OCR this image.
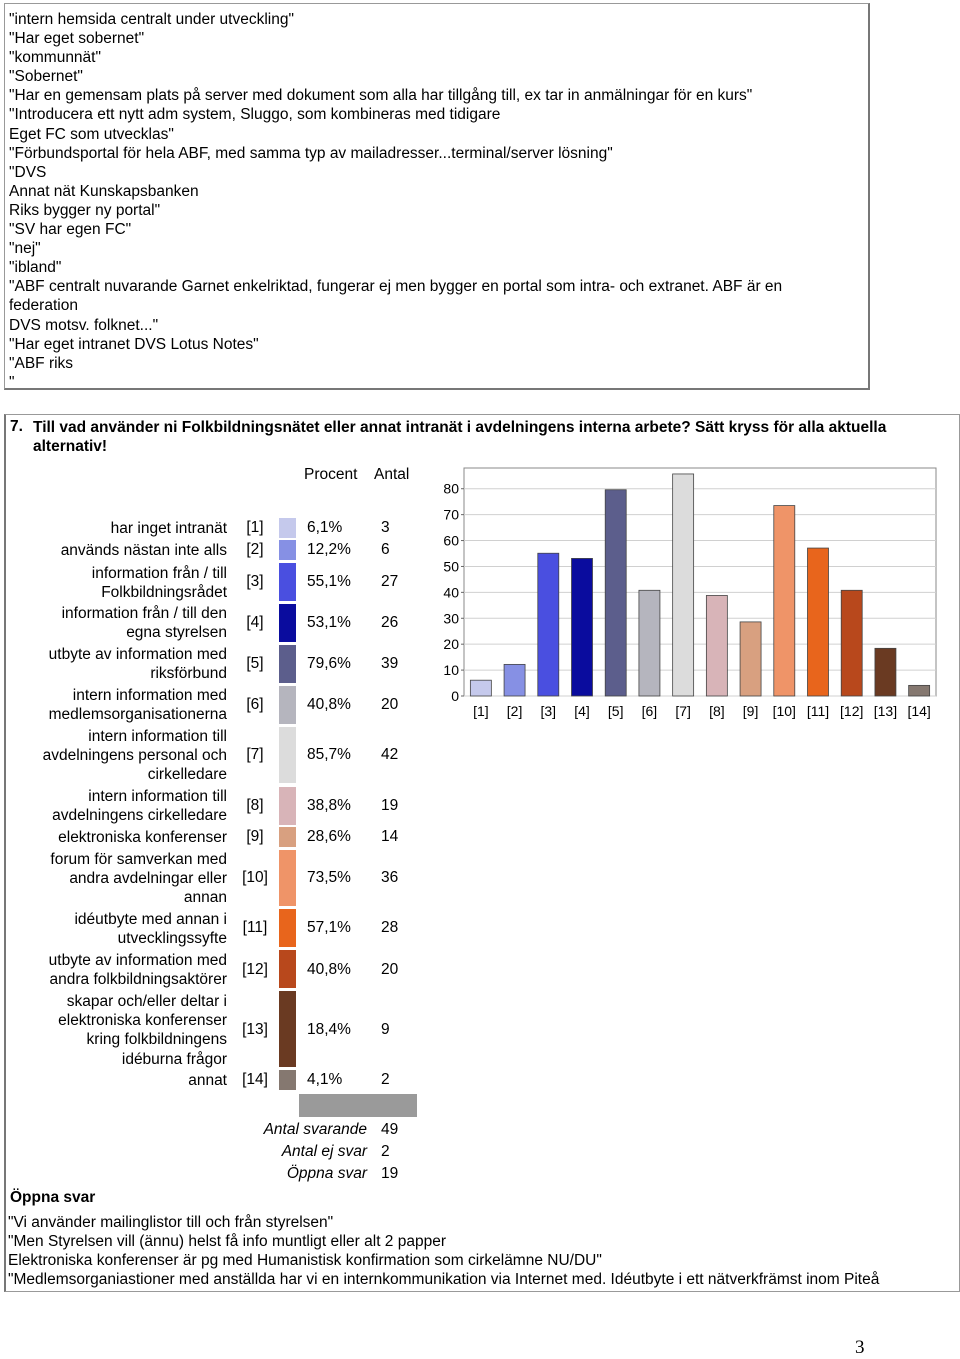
"intern hemsida centralt under utveckling"
"Har eget sobernet"
"kommunnät"
"Sobernet"
"Har en gemensam plats på server med dokument som alla har tillgång till, ex tar in anmälningar för en kurs"
"Introducera ett nytt adm system, Sluggo, som kombineras med tidigare
Eget FC som utvecklas"
"Förbundsportal för hela ABF, med samma typ av mailadresser...terminal/server lösning"
"DVS
Annat nät Kunskapsbanken
Riks bygger ny portal"
"SV har egen FC"
"nej"
"ibland"
"ABF centralt nuvarande Garnet enkelriktad, fungerar ej men bygger en portal som intra- och extranet. ABF är en
federation
DVS motsv. folknet..."
"Har eget intranet DVS Lotus Notes"
"ABF riks
"
7. Till vad använder ni Folkbildningsnätet eller annat intranät i avdelningens interna arbete? Sätt kryss för alla aktuella alternativ!
Procent Antal
har inget intranät	[1]	6,1% 3
används nästan inte alls	[2]	12,2% 6
information från / till Folkbildningsrådet
[3]	55,1% 27
information från / till den egna styrelsen
[4]	53,1% 26
utbyte av information med riksförbund
[5]	79,6% 39
intern information med medlemsorganisationerna
[6]	40,8% 20
intern information till avdelningens personal och cirkelledare
[7]	85,7% 42
intern information till avdelningens cirkelledare
[8]	38,8% 19
elektroniska konferenser	[9]	28,6% 14
forum för samverkan med andra avdelningar eller annan
[10]	73,5% 36
idéutbyte med annan i utvecklingssyfte
[11]	57,1% 28
utbyte av information med andra folkbildningsaktörer
[12]	40,8% 20
skapar och/eller deltar i elektroniska konferenser kring folkbildningens idéburna frågor
[13]	18,4% 9
annat [14]	4,1% 2
Antal svarande 49
Antal ej svar 2
Öppna svar 19
Öppna svar
"Vi använder mailinglistor till och från styrelsen"
"Men Styrelsen vill (ännu) helst få info muntligt eller alt 2 papper
Elektroniska konferenser är pg med Humanistisk konfirmation som cirkelämne NU/DU"
"Medlemsorganiastioner med anställda har vi en internkommunikation via Internet med. Idéutbyte i ett nätverkfrämst inom Piteå
3
0
10
20
30
40
50
60
70
80
[1] [2] [3] [4] [5] [6] [7] [8] [9] [10] [11] [12] [13] [14]
